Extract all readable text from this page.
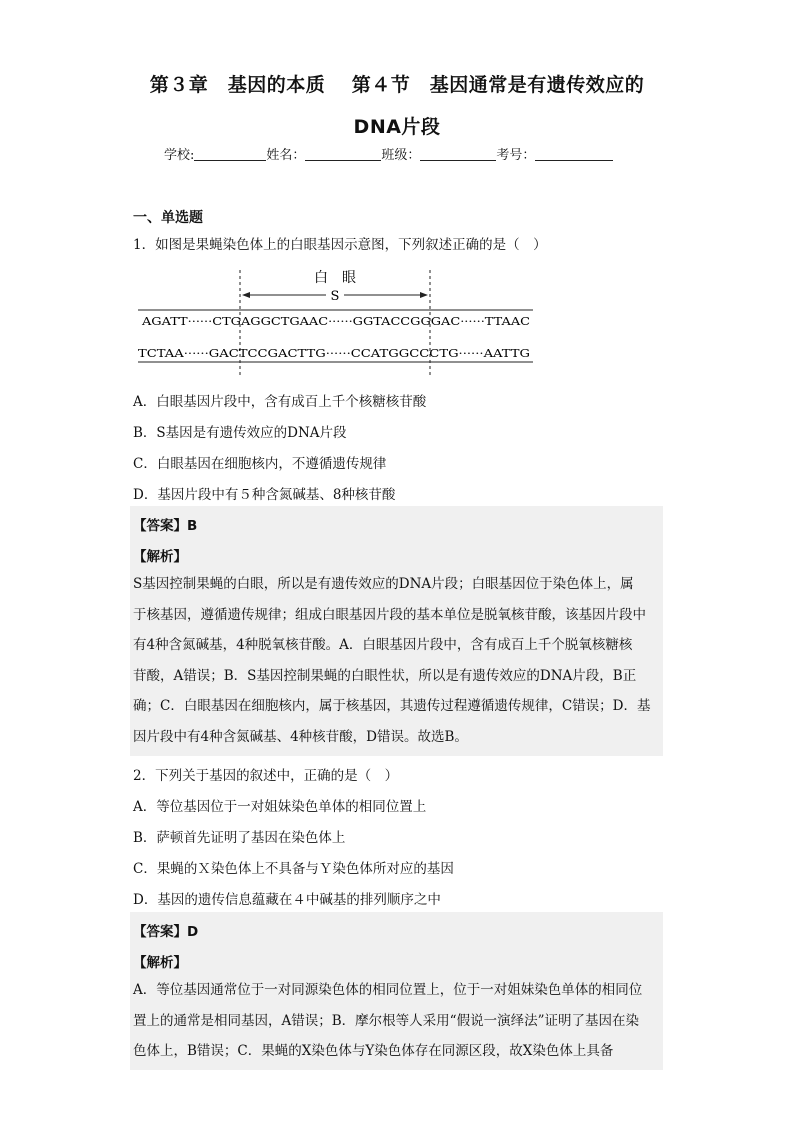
第３章　基因的本质　 第４节　基因通常是有遗传效应的
DNA片段
学校:	姓名：	班级：	考号：
一、单选题
1．如图是果蝇染色体上的白眼基因示意图，下列叙述正确的是（　）
白　眼
S
AGATT······CTGAGGCTGAAC······GGTACCGGGAC······TTAAC
TCTAA······GACTCCGACTTG······CCATGGCCCTG······AATTG
A．白眼基因片段中，含有成百上千个核糖核苷酸
B．S基因是有遗传效应的DNA片段
C．白眼基因在细胞核内，不遵循遗传规律
D．基因片段中有５种含氮碱基、8种核苷酸
【答案】B
【解析】
S基因控制果蝇的白眼，所以是有遗传效应的DNA片段；白眼基因位于染色体上，属
于核基因，遵循遗传规律；组成白眼基因片段的基本单位是脱氧核苷酸，该基因片段中
有4种含氮碱基，4种脱氧核苷酸。A．白眼基因片段中，含有成百上千个脱氧核糖核
苷酸，A错误；B．S基因控制果蝇的白眼性状，所以是有遗传效应的DNA片段，B正
确；C．白眼基因在细胞核内，属于核基因，其遗传过程遵循遗传规律，C错误；D．基
因片段中有4种含氮碱基、4种核苷酸，D错误。故选B。
2．下列关于基因的叙述中，正确的是（　）
A．等位基因位于一对姐妹染色单体的相同位置上
B．萨顿首先证明了基因在染色体上
C．果蝇的Ｘ染色体上不具备与Ｙ染色体所对应的基因
D．基因的遗传信息蕴藏在４中碱基的排列顺序之中
【答案】D
【解析】
A．等位基因通常位于一对同源染色体的相同位置上，位于一对姐妹染色单体的相同位
置上的通常是相同基因，A错误；B．摩尔根等人采用“假说一演绎法”证明了基因在染
色体上，B错误；C．果蝇的X染色体与Y染色体存在同源区段，故X染色体上具备
